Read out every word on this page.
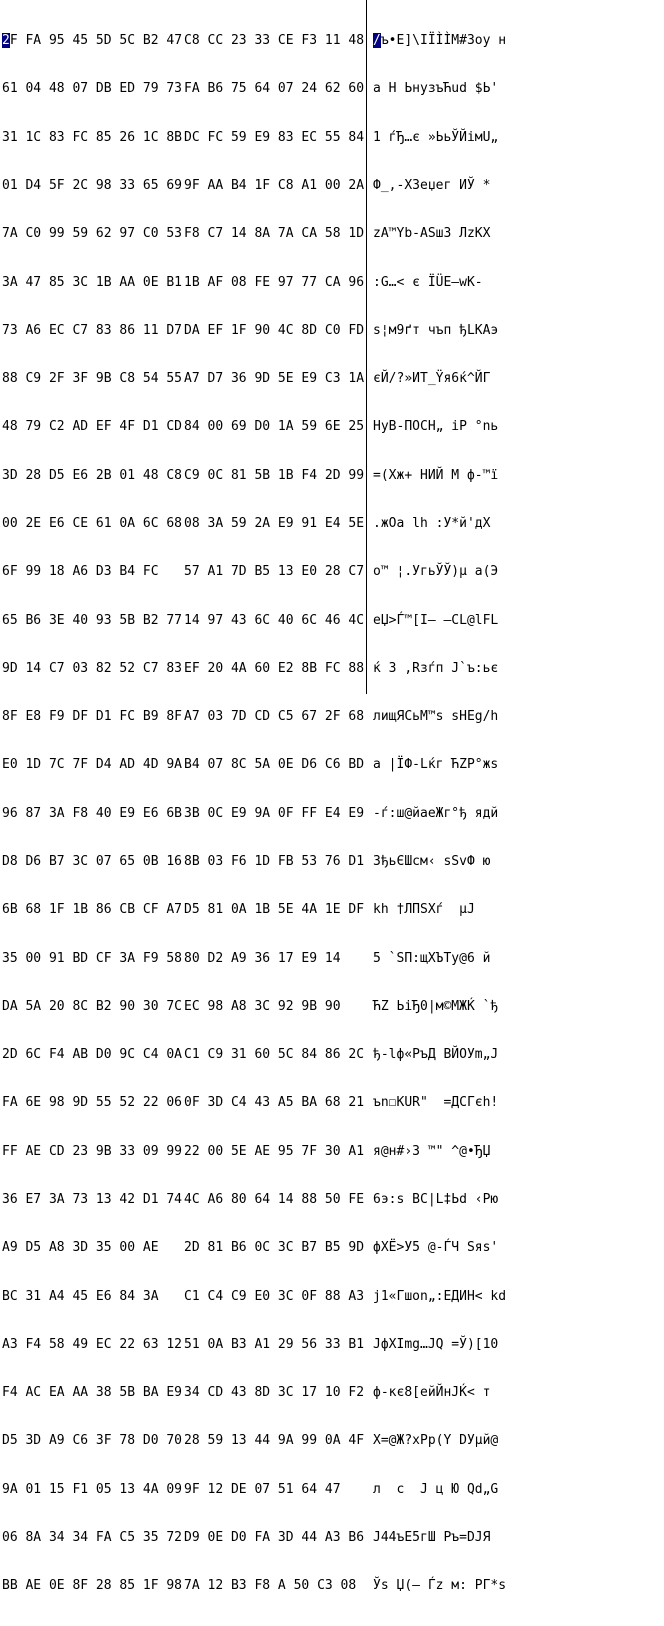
2F FA 95 45 5D 5C B2 47

61 04 48 07 DB ED 79 73

31 1C 83 FC 85 26 1C 8B

01 D4 5F 2C 98 33 65 69

7A C0 99 59 62 97 C0 53

3A 47 85 3C 1B AA 0E B1

73 A6 EC C7 83 86 11 D7

88 C9 2F 3F 9B C8 54 55

48 79 C2 AD EF 4F D1 CD

3D 28 D5 E6 2B 01 48 C8

00 2E E6 CE 61 0A 6C 68

6F 99 18 A6 D3 B4 FC

65 B6 3E 40 93 5B B2 77

9D 14 C7 03 82 52 C7 83

8F E8 F9 DF D1 FC B9 8F

E0 1D 7C 7F D4 AD 4D 9A

96 87 3A F8 40 E9 E6 6B

D8 D6 B7 3C 07 65 0B 16

6B 68 1F 1B 86 CB CF A7

35 00 91 BD CF 3A F9 58

DA 5A 20 8C B2 90 30 7C

2D 6C F4 AB D0 9C C4 0A

FA 6E 98 9D 55 52 22 06

FF AE CD 23 9B 33 09 99

36 E7 3A 73 13 42 D1 74

A9 D5 A8 3D 35 00 AE

BC 31 A4 45 E6 84 3A

A3 F4 58 49 EC 22 63 12

F4 AC EA AA 38 5B BA E9

D5 3D A9 C6 3F 78 D0 70

9A 01 15 F1 05 13 4A 09

06 8A 34 34 FA C5 35 72

BB AE 0E 8F 28 85 1F 98

C8 CC 23 33 CE F3 11 48

FA B6 75 64 07 24 62 60

DC FC 59 E9 83 EC 55 84

9F AA B4 1F C8 A1 00 2A

F8 C7 14 8A 7A CA 58 1D

1B AF 08 FE 97 77 CA 96

DA EF 1F 90 4C 8D C0 FD

A7 D7 36 9D 5E E9 C3 1A

84 00 69 D0 1A 59 6E 25

C9 0C 81 5B 1B F4 2D 99

08 3A 59 2A E9 91 E4 5E

57 A1 7D B5 13 E0 28 C7

14 97 43 6C 40 6C 46 4C

EF 20 4A 60 E2 8B FC 88

A7 03 7D CD C5 67 2F 68

B4 07 8C 5A 0E D6 C6 BD

3B 0C E9 9A 0F FF E4 E9

8B 03 F6 1D FB 53 76 D1

D5 81 0A 1B 5E 4A 1E DF

80 D2 A9 36 17 E9 14

EC 98 A8 3C 92 9B 90

C1 C9 31 60 5C 84 86 2C

0F 3D C4 43 A5 BA 68 21

22 00 5E AE 95 7F 30 A1

4C A6 80 64 14 88 50 FE

2D 81 B6 0C 3C B7 B5 9D

C1 C4 C9 E0 3C 0F 88 A3

51 0A B3 A1 29 56 33 B1

34 CD 43 8D 3C 17 10 F2

28 59 13 44 9A 99 0A 4F

9F 12 DE 07 51 64 47

D9 0E D0 FA 3D 44 A3 B6

7A 12 B3 F8 A 50 C3 08

/ъ•E]\IÏÌÌM#Зоу н

а Н ЬнузъЋud $Ь'

1 ѓЂ…є »ЬьЎЙімU„

Ф_,-ХЗеџег ИЎ *

zA™Yb-АЅшЗ ЛzКХ

:G…< є ÏÜE—wK-

s¦м9ґт чъп ђLKAэ

єЙ/?»ИТ_Ÿя6ќ^ЙГ

НуВ-ПОСН„ iР °nь

=(Хж+ НИЙ М ф-™ї

.жОа lh :У*й'дХ

o™ ¦.УгьЎЎ)µ а(Э

еЏ>Ѓ™[I— —CL@lFL

ќ 3 ,Rзѓп J`ъ:ьє

лищЯСьМ™ѕ sHEg/h

а |ÏФ-Lќг ЋZP°жѕ

-ѓ:ш@йаеЖг°ђ ядй

ЗђьЄШсм‹ ѕSvФ ю

kh †ЛПЅХѓ  µJ

5 `SП:щХЪТу@6 й

ЋZ ЬіЂ0|м©МЖЌ `ђ

ђ-lф«РъД ВЙОУm„Ј

ъn☐КUR"  =ДСГєh!

я@н#›3 ™" ^@•ЂЏ

6э:s ВС|L‡Ьd ‹Рю

фХЁ>У5 @-ЃЧ Ѕяѕ'

j1«Гшоn„:ЕДИН< kd

ЈфХImg…JQ =Ў)[10

ф-кє8[ейЙнЈЌ< т

Х=@Ж?xPp(Y DУµй@

л  с  Ј ц Ю Qd„G

Ј44ъЕ5гШ Ръ=DJЯ

Ўѕ Џ(— Ѓz м: РГ*ѕ
